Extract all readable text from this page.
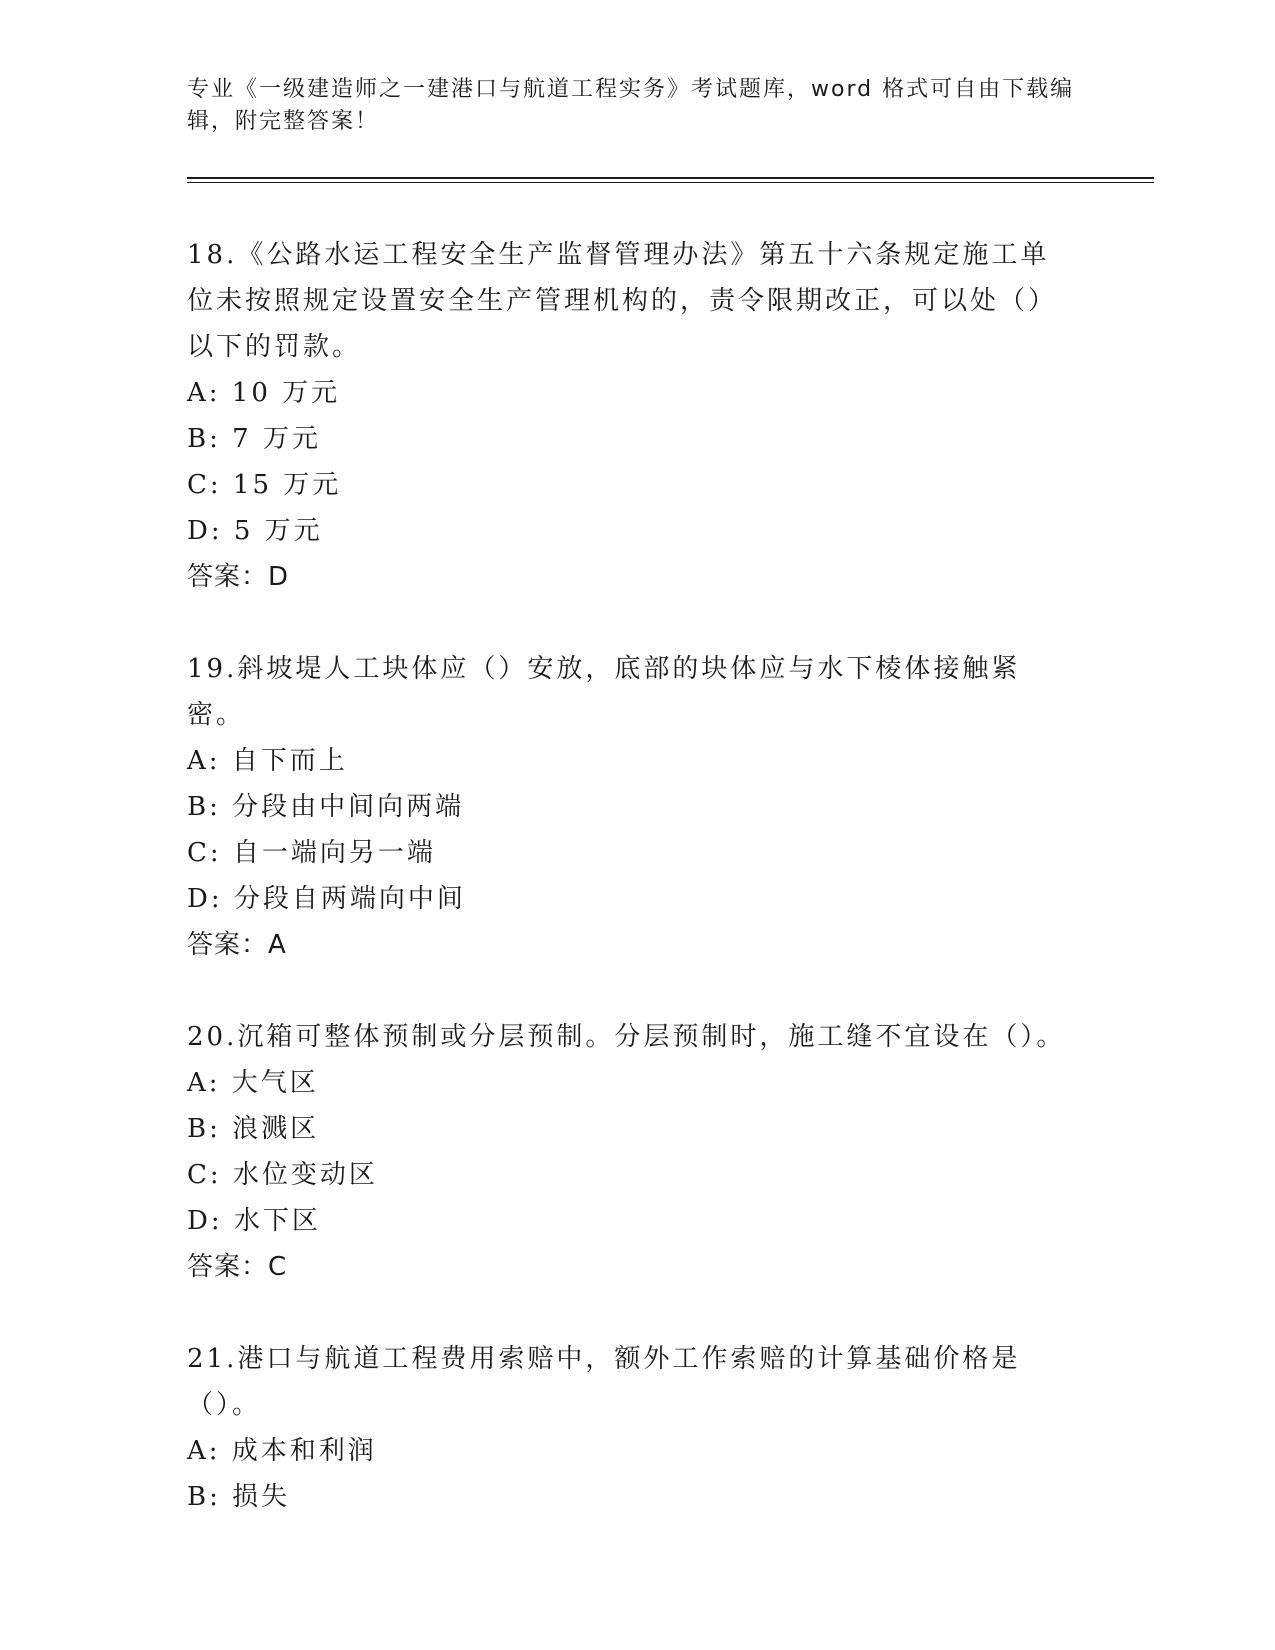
专业《一级建造师之一建港口与航道工程实务》考试题库，word 格式可自由下载编辑，附完整答案！
18.《公路水运工程安全生产监督管理办法》第五十六条规定施工单位未按照规定设置安全生产管理机构的，责令限期改正，可以处（）以下的罚款。
A: 10 万元
B: 7 万元
C: 15 万元
D: 5 万元
答案：D
19.斜坡堤人工块体应（）安放，底部的块体应与水下棱体接触紧密。
A: 自下而上
B: 分段由中间向两端
C: 自一端向另一端
D: 分段自两端向中间
答案：A
20.沉箱可整体预制或分层预制。分层预制时，施工缝不宜设在（）。
A: 大气区
B: 浪溅区
C: 水位变动区
D: 水下区
答案：C
21.港口与航道工程费用索赔中，额外工作索赔的计算基础价格是（）。
A: 成本和利润
B: 损失
